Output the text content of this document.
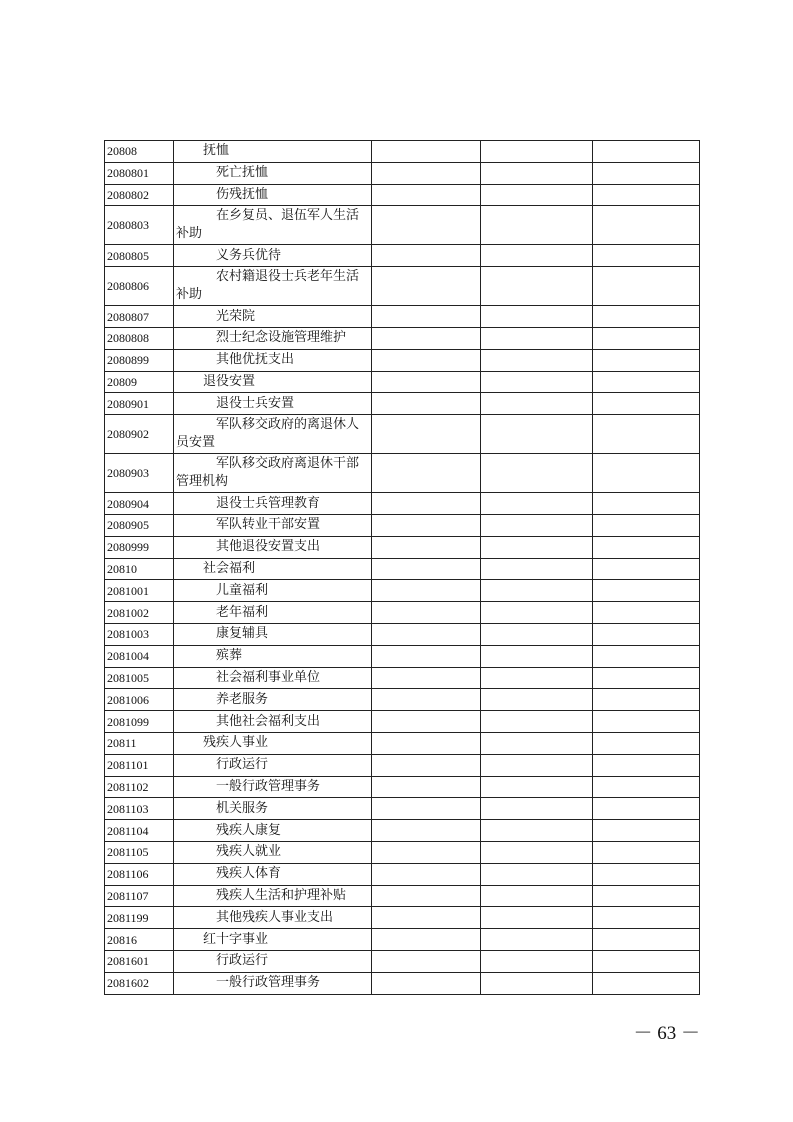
20808	抚恤			
2080801	死亡抚恤			
2080802	伤残抚恤			
2080803	在乡复员、退伍军人生活补助			
2080805	义务兵优待			
2080806	农村籍退役士兵老年生活补助			
2080807	光荣院			
2080808	烈士纪念设施管理维护			
2080899	其他优抚支出			
20809	退役安置			
2080901	退役士兵安置			
2080902	军队移交政府的离退休人员安置			
2080903	军队移交政府离退休干部管理机构			
2080904	退役士兵管理教育			
2080905	军队转业干部安置			
2080999	其他退役安置支出			
20810	社会福利			
2081001	儿童福利			
2081002	老年福利			
2081003	康复辅具			
2081004	殡葬			
2081005	社会福利事业单位			
2081006	养老服务			
2081099	其他社会福利支出			
20811	残疾人事业			
2081101	行政运行			
2081102	一般行政管理事务			
2081103	机关服务			
2081104	残疾人康复			
2081105	残疾人就业			
2081106	残疾人体育			
2081107	残疾人生活和护理补贴			
2081199	其他残疾人事业支出			
20816	红十字事业			
2081601	行政运行			
2081602	一般行政管理事务			
－ 63 －
